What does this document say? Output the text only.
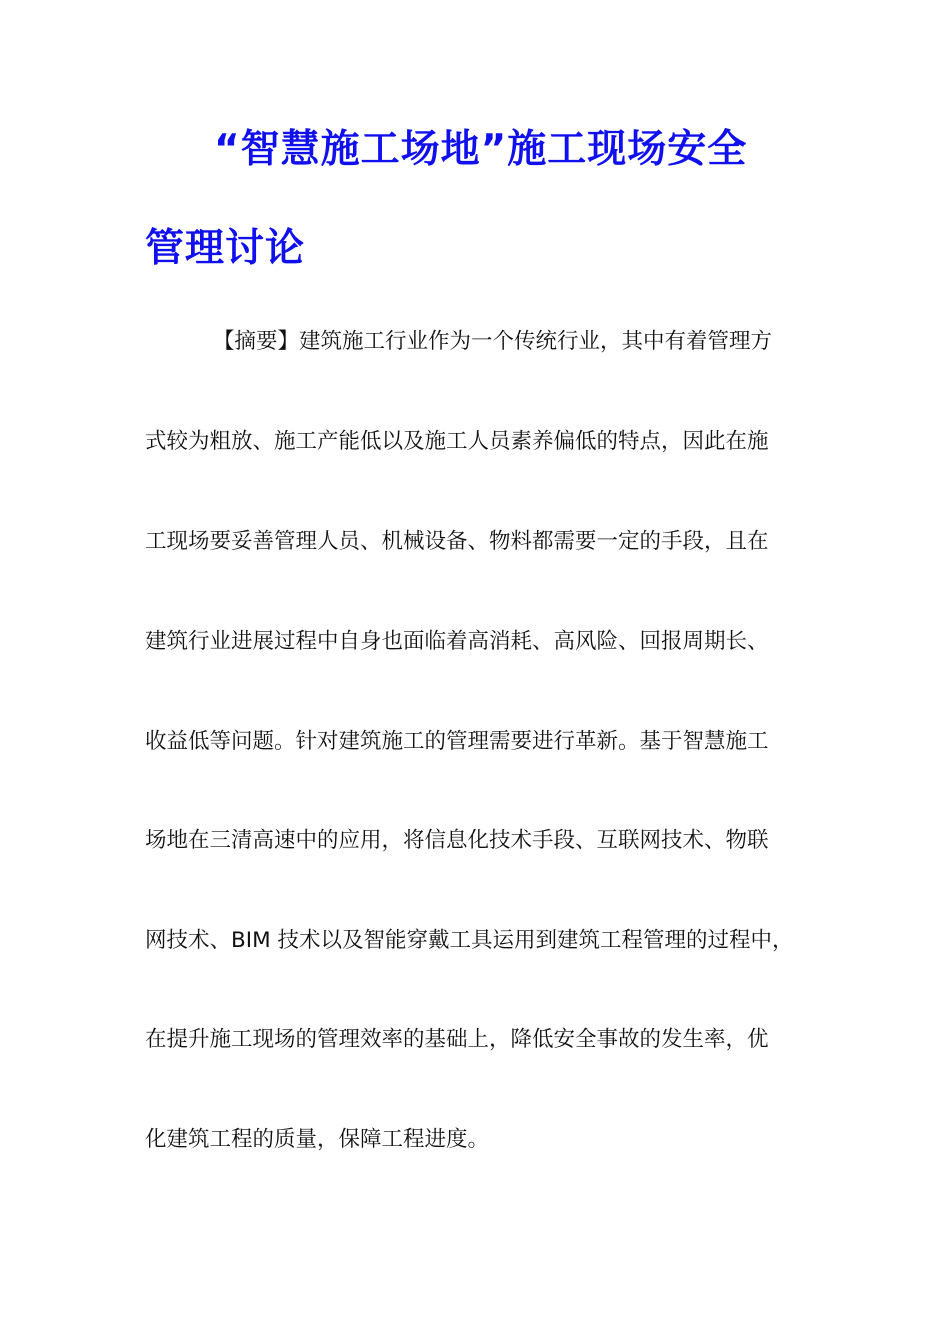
“智慧施工场地”施工现场安全
管理讨论
【摘要】建筑施工行业作为一个传统行业，其中有着管理方
式较为粗放、施工产能低以及施工人员素养偏低的特点，因此在施
工现场要妥善管理人员、机械设备、物料都需要一定的手段，且在
建筑行业进展过程中自身也面临着高消耗、高风险、回报周期长、
收益低等问题。针对建筑施工的管理需要进行革新。基于智慧施工
场地在三清高速中的应用，将信息化技术手段、互联网技术、物联
网技术、BIM 技术以及智能穿戴工具运用到建筑工程管理的过程中，
在提升施工现场的管理效率的基础上，降低安全事故的发生率，优
化建筑工程的质量，保障工程进度。
